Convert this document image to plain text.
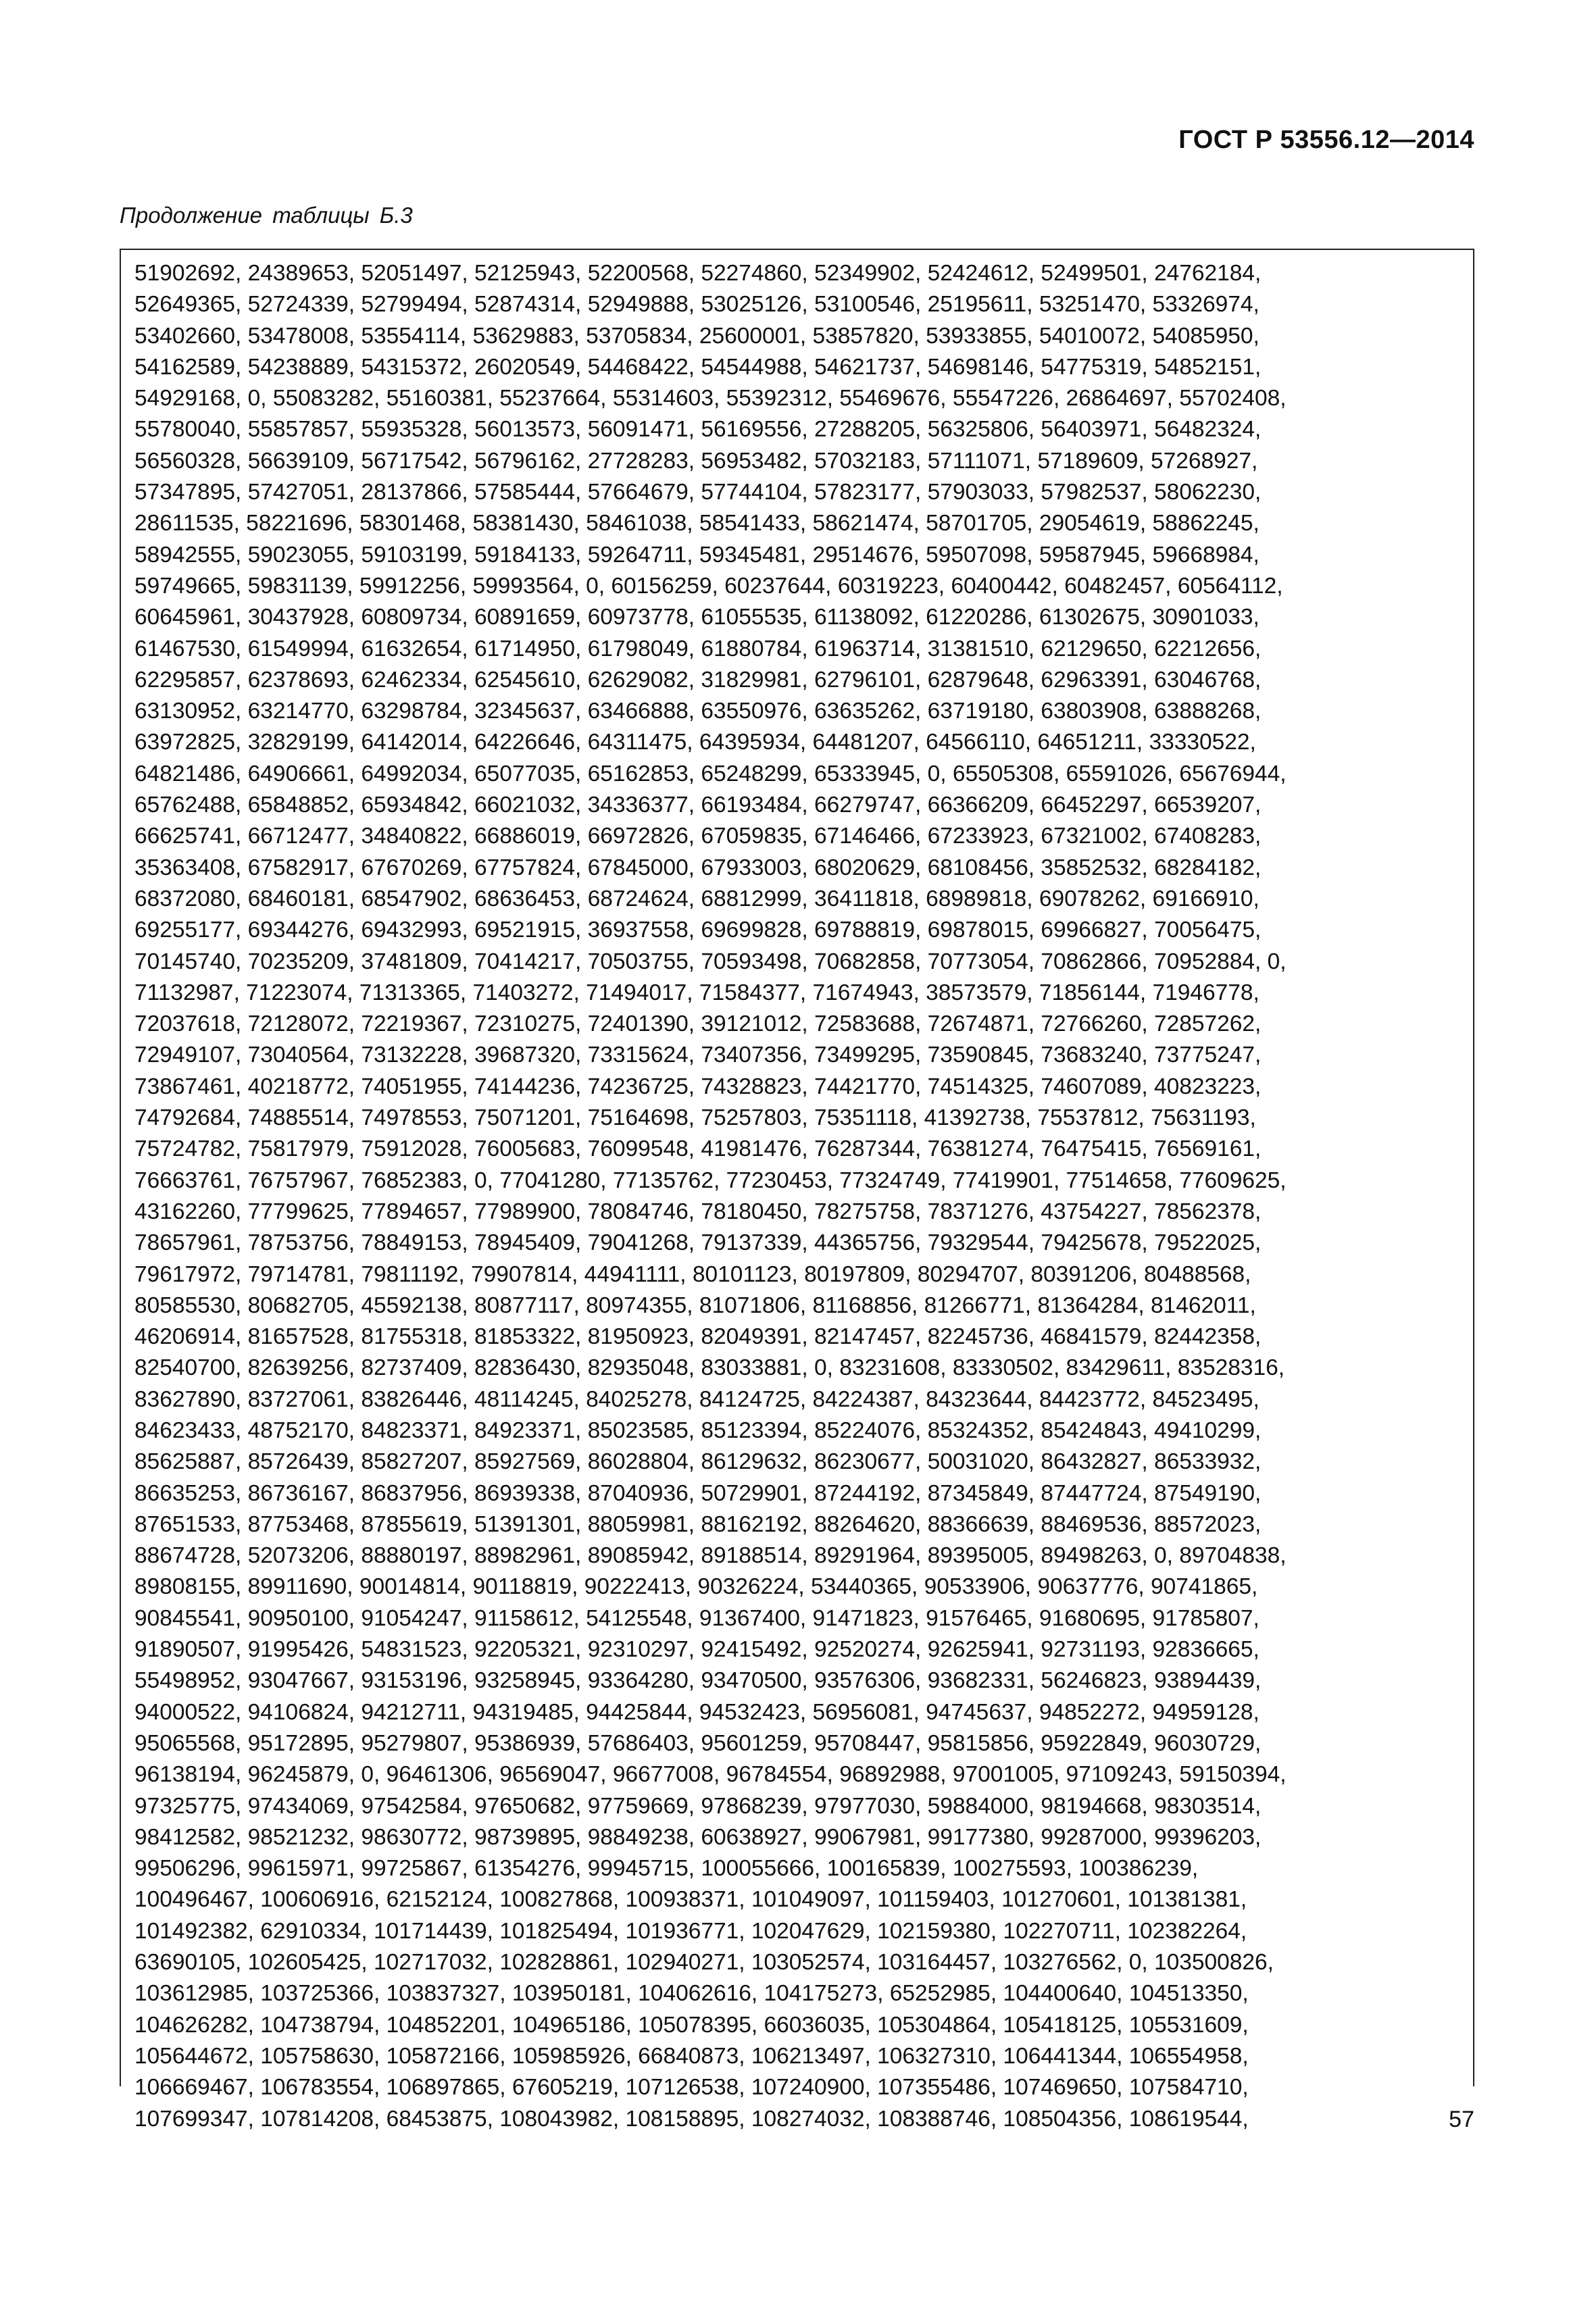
ГОСТ Р 53556.12—2014

Продолжение таблицы Б.3

51902692, 24389653, 52051497, 52125943, 52200568, 52274860, 52349902, 52424612, 52499501, 24762184,
52649365, 52724339, 52799494, 52874314, 52949888, 53025126, 53100546, 25195611, 53251470, 53326974,
53402660, 53478008, 53554114, 53629883, 53705834, 25600001, 53857820, 53933855, 54010072, 54085950,
54162589, 54238889, 54315372, 26020549, 54468422, 54544988, 54621737, 54698146, 54775319, 54852151,
54929168, 0, 55083282, 55160381, 55237664, 55314603, 55392312, 55469676, 55547226, 26864697, 55702408,
55780040, 55857857, 55935328, 56013573, 56091471, 56169556, 27288205, 56325806, 56403971, 56482324,
56560328, 56639109, 56717542, 56796162, 27728283, 56953482, 57032183, 57111071, 57189609, 57268927,
57347895, 57427051, 28137866, 57585444, 57664679, 57744104, 57823177, 57903033, 57982537, 58062230,
28611535, 58221696, 58301468, 58381430, 58461038, 58541433, 58621474, 58701705, 29054619, 58862245,
58942555, 59023055, 59103199, 59184133, 59264711, 59345481, 29514676, 59507098, 59587945, 59668984,
59749665, 59831139, 59912256, 59993564, 0, 60156259, 60237644, 60319223, 60400442, 60482457, 60564112,
60645961, 30437928, 60809734, 60891659, 60973778, 61055535, 61138092, 61220286, 61302675, 30901033,
61467530, 61549994, 61632654, 61714950, 61798049, 61880784, 61963714, 31381510, 62129650, 62212656,
62295857, 62378693, 62462334, 62545610, 62629082, 31829981, 62796101, 62879648, 62963391, 63046768,
63130952, 63214770, 63298784, 32345637, 63466888, 63550976, 63635262, 63719180, 63803908, 63888268,
63972825, 32829199, 64142014, 64226646, 64311475, 64395934, 64481207, 64566110, 64651211, 33330522,
64821486, 64906661, 64992034, 65077035, 65162853, 65248299, 65333945, 0, 65505308, 65591026, 65676944,
65762488, 65848852, 65934842, 66021032, 34336377, 66193484, 66279747, 66366209, 66452297, 66539207,
66625741, 66712477, 34840822, 66886019, 66972826, 67059835, 67146466, 67233923, 67321002, 67408283,
35363408, 67582917, 67670269, 67757824, 67845000, 67933003, 68020629, 68108456, 35852532, 68284182,
68372080, 68460181, 68547902, 68636453, 68724624, 68812999, 36411818, 68989818, 69078262, 69166910,
69255177, 69344276, 69432993, 69521915, 36937558, 69699828, 69788819, 69878015, 69966827, 70056475,
70145740, 70235209, 37481809, 70414217, 70503755, 70593498, 70682858, 70773054, 70862866, 70952884, 0,
71132987, 71223074, 71313365, 71403272, 71494017, 71584377, 71674943, 38573579, 71856144, 71946778,
72037618, 72128072, 72219367, 72310275, 72401390, 39121012, 72583688, 72674871, 72766260, 72857262,
72949107, 73040564, 73132228, 39687320, 73315624, 73407356, 73499295, 73590845, 73683240, 73775247,
73867461, 40218772, 74051955, 74144236, 74236725, 74328823, 74421770, 74514325, 74607089, 40823223,
74792684, 74885514, 74978553, 75071201, 75164698, 75257803, 75351118, 41392738, 75537812, 75631193,
75724782, 75817979, 75912028, 76005683, 76099548, 41981476, 76287344, 76381274, 76475415, 76569161,
76663761, 76757967, 76852383, 0, 77041280, 77135762, 77230453, 77324749, 77419901, 77514658, 77609625,
43162260, 77799625, 77894657, 77989900, 78084746, 78180450, 78275758, 78371276, 43754227, 78562378,
78657961, 78753756, 78849153, 78945409, 79041268, 79137339, 44365756, 79329544, 79425678, 79522025,
79617972, 79714781, 79811192, 79907814, 44941111, 80101123, 80197809, 80294707, 80391206, 80488568,
80585530, 80682705, 45592138, 80877117, 80974355, 81071806, 81168856, 81266771, 81364284, 81462011,
46206914, 81657528, 81755318, 81853322, 81950923, 82049391, 82147457, 82245736, 46841579, 82442358,
82540700, 82639256, 82737409, 82836430, 82935048, 83033881, 0, 83231608, 83330502, 83429611, 83528316,
83627890, 83727061, 83826446, 48114245, 84025278, 84124725, 84224387, 84323644, 84423772, 84523495,
84623433, 48752170, 84823371, 84923371, 85023585, 85123394, 85224076, 85324352, 85424843, 49410299,
85625887, 85726439, 85827207, 85927569, 86028804, 86129632, 86230677, 50031020, 86432827, 86533932,
86635253, 86736167, 86837956, 86939338, 87040936, 50729901, 87244192, 87345849, 87447724, 87549190,
87651533, 87753468, 87855619, 51391301, 88059981, 88162192, 88264620, 88366639, 88469536, 88572023,
88674728, 52073206, 88880197, 88982961, 89085942, 89188514, 89291964, 89395005, 89498263, 0, 89704838,
89808155, 89911690, 90014814, 90118819, 90222413, 90326224, 53440365, 90533906, 90637776, 90741865,
90845541, 90950100, 91054247, 91158612, 54125548, 91367400, 91471823, 91576465, 91680695, 91785807,
91890507, 91995426, 54831523, 92205321, 92310297, 92415492, 92520274, 92625941, 92731193, 92836665,
55498952, 93047667, 93153196, 93258945, 93364280, 93470500, 93576306, 93682331, 56246823, 93894439,
94000522, 94106824, 94212711, 94319485, 94425844, 94532423, 56956081, 94745637, 94852272, 94959128,
95065568, 95172895, 95279807, 95386939, 57686403, 95601259, 95708447, 95815856, 95922849, 96030729,
96138194, 96245879, 0, 96461306, 96569047, 96677008, 96784554, 96892988, 97001005, 97109243, 59150394,
97325775, 97434069, 97542584, 97650682, 97759669, 97868239, 97977030, 59884000, 98194668, 98303514,
98412582, 98521232, 98630772, 98739895, 98849238, 60638927, 99067981, 99177380, 99287000, 99396203,
99506296, 99615971, 99725867, 61354276, 99945715, 100055666, 100165839, 100275593, 100386239,
100496467, 100606916, 62152124, 100827868, 100938371, 101049097, 101159403, 101270601, 101381381,
101492382, 62910334, 101714439, 101825494, 101936771, 102047629, 102159380, 102270711, 102382264,
63690105, 102605425, 102717032, 102828861, 102940271, 103052574, 103164457, 103276562, 0, 103500826,
103612985, 103725366, 103837327, 103950181, 104062616, 104175273, 65252985, 104400640, 104513350,
104626282, 104738794, 104852201, 104965186, 105078395, 66036035, 105304864, 105418125, 105531609,
105644672, 105758630, 105872166, 105985926, 66840873, 106213497, 106327310, 106441344, 106554958,
106669467, 106783554, 106897865, 67605219, 107126538, 107240900, 107355486, 107469650, 107584710,
107699347, 107814208, 68453875, 108043982, 108158895, 108274032, 108388746, 108504356, 108619544,	57
